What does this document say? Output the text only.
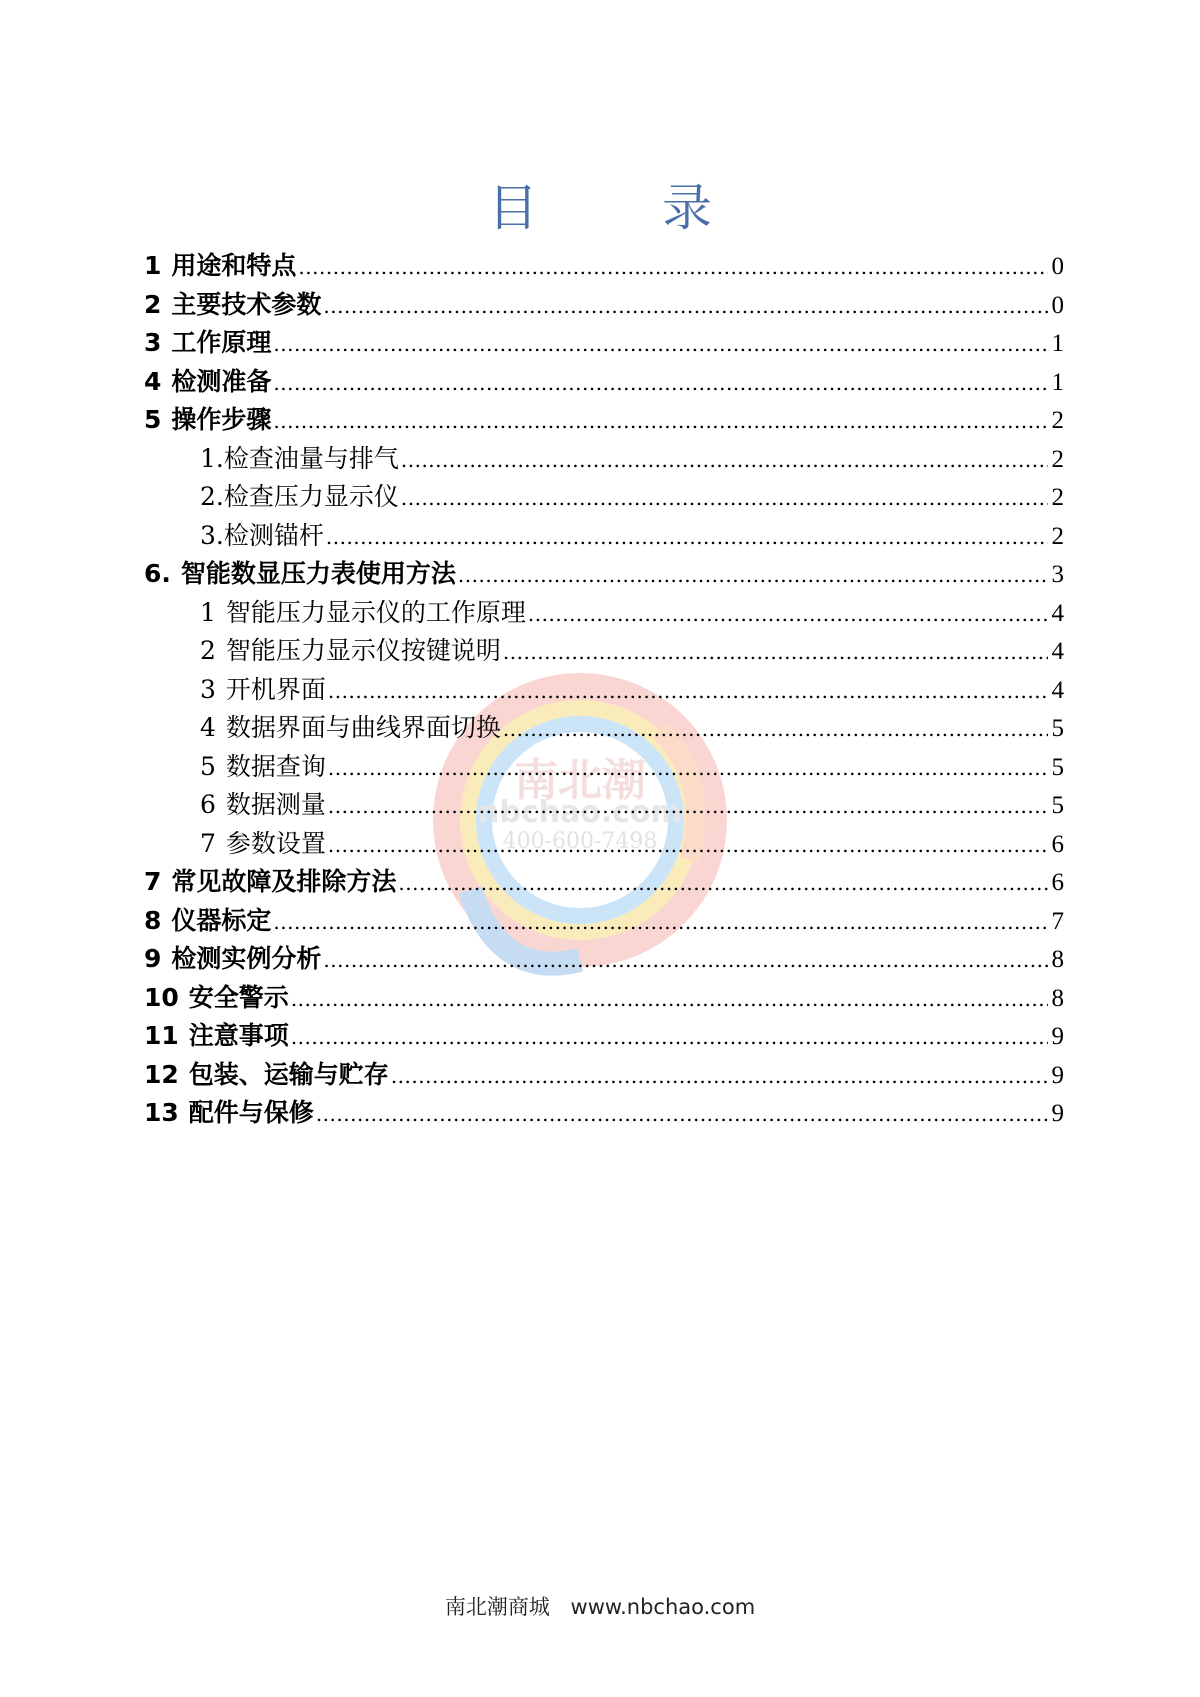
目 录
南北潮
nbchao.com
400-600-7498
1 用途和特点 .....	0
2 主要技术参数 .....	0
3 工作原理 .....	1
4 检测准备 .....	1
5 操作步骤 .....	2
1. 检查油量与排气 .....	2
2. 检查压力显示仪 .....	2
3. 检测锚杆 .....	2
6. 智能数显压力表使用方法 .....	3
1 智能压力显示仪的工作原理 .....	4
2 智能压力显示仪按键说明 .....	4
3 开机界面 .....	4
4 数据界面与曲线界面切换 .....	5
5 数据查询 .....	5
6 数据测量 .....	5
7 参数设置 .....	6
7 常见故障及排除方法 .....	6
8 仪器标定 .....	7
9 检测实例分析 .....	8
10 安全警示 .....	8
11 注意事项 .....	9
12 包装、运输与贮存 .....	9
13 配件与保修 .....	9
南北潮商城 www.nbchao.com
